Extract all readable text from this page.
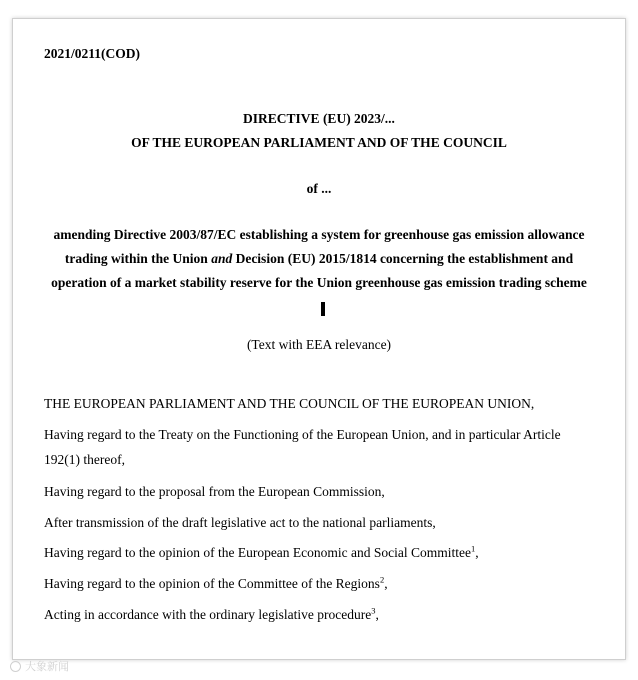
2021/0211(COD)
DIRECTIVE (EU) 2023/...
OF THE EUROPEAN PARLIAMENT AND OF THE COUNCIL
of ...
amending Directive 2003/87/EC establishing a system for greenhouse gas emission allowance
trading within the Union and Decision (EU) 2015/1814 concerning the establishment and
operation of a market stability reserve for the Union greenhouse gas emission trading scheme
(Text with EEA relevance)
THE EUROPEAN PARLIAMENT AND THE COUNCIL OF THE EUROPEAN UNION,
Having regard to the Treaty on the Functioning of the European Union, and in particular Article
192(1) thereof,
Having regard to the proposal from the European Commission,
After transmission of the draft legislative act to the national parliaments,
Having regard to the opinion of the European Economic and Social Committee$^1$,
Having regard to the opinion of the Committee of the Regions$^2$,
Acting in accordance with the ordinary legislative procedure$^3$,
大象新闻
